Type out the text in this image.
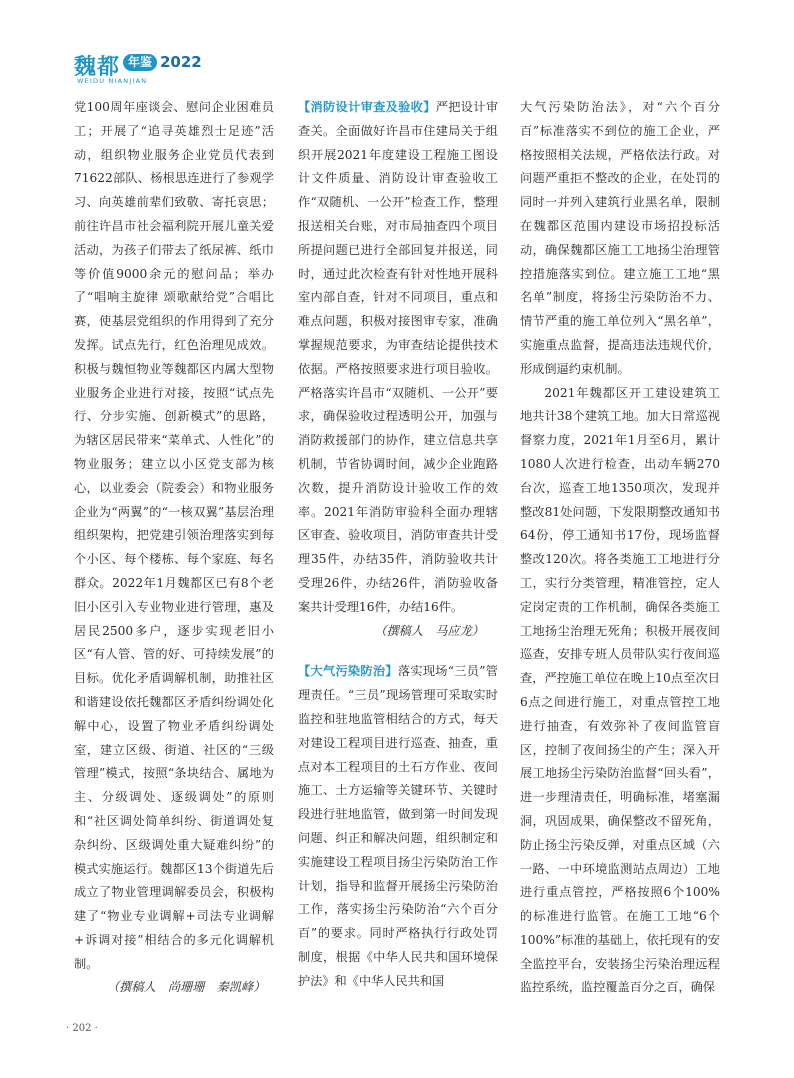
魏都 年鉴 2022
WEIDU NIANJIAN

党100周年座谈会、慰问企业困难员工；开展了“追寻英雄烈士足迹”活动，组织物业服务企业党员代表到71622部队、杨根思连进行了参观学习、向英雄前辈们致敬、寄托哀思；前往许昌市社会福利院开展儿童关爱活动，为孩子们带去了纸尿裤、纸巾等价值9000余元的慰问品；举办了“唱响主旋律 颂歌献给党”合唱比赛，使基层党组织的作用得到了充分发挥。试点先行，红色治理见成效。积极与魏恒物业等魏都区内属大型物业服务企业进行对接，按照“试点先行、分步实施、创新模式”的思路，为辖区居民带来“菜单式、人性化”的物业服务；建立以小区党支部为核心，以业委会（院委会）和物业服务企业为“两翼”的“一核双翼”基层治理组织架构，把党建引领治理落实到每个小区、每个楼栋、每个家庭、每名群众。2022年1月魏都区已有8个老旧小区引入专业物业进行管理，惠及居民2500多户，逐步实现老旧小区“有人管、管的好、可持续发展”的目标。优化矛盾调解机制，助推社区和谐建设依托魏都区矛盾纠纷调处化解中心，设置了物业矛盾纠纷调处室，建立区级、街道、社区的“三级管理”模式，按照“条块结合、属地为主、分级调处、逐级调处”的原则和“社区调处简单纠纷、街道调处复杂纠纷、区级调处重大疑难纠纷”的模式实施运行。魏都区13个街道先后成立了物业管理调解委员会，积极构建了“物业专业调解+司法专业调解+诉调对接”相结合的多元化调解机制。

（撰稿人　尚珊珊　秦凯峰）

【消防设计审查及验收】严把设计审查关。全面做好许昌市住建局关于组织开展2021年度建设工程施工图设计文件质量、消防设计审查验收工作“双随机、一公开”检查工作，整理报送相关台账，对市局抽查四个项目所提问题已进行全部回复并报送，同时，通过此次检查有针对性地开展科室内部自查，针对不同项目，重点和难点问题，积极对接图审专家，准确掌握规范要求，为审查结论提供技术依据。严格按照要求进行项目验收。严格落实许昌市“双随机、一公开”要求，确保验收过程透明公开，加强与消防救援部门的协作，建立信息共享机制，节省协调时间，减少企业跑路次数，提升消防设计验收工作的效率。2021年消防审验科全面办理辖区审查、验收项目，消防审查共计受理35件，办结35件，消防验收共计受理26件，办结26件，消防验收备案共计受理16件，办结16件。

（撰稿人　马应龙）

【大气污染防治】落实现场“三员”管理责任。“三员”现场管理可采取实时监控和驻地监管相结合的方式，每天对建设工程项目进行巡查、抽查，重点对本工程项目的土石方作业、夜间施工、土方运输等关键环节、关键时段进行驻地监管，做到第一时间发现问题、纠正和解决问题，组织制定和实施建设工程项目扬尘污染防治工作计划，指导和监督开展扬尘污染防治工作，落实扬尘污染防治“六个百分百”的要求。同时严格执行行政处罚制度，根据《中华人民共和国环境保护法》和《中华人民共和国

大气污染防治法》，对“六个百分百”标准落实不到位的施工企业，严格按照相关法规，严格依法行政。对问题严重拒不整改的企业，在处罚的同时一并列入建筑行业黑名单，限制在魏都区范围内建设市场招投标活动，确保魏都区施工工地扬尘治理管控措施落实到位。建立施工工地“黑名单”制度，将扬尘污染防治不力、情节严重的施工单位列入“黑名单”，实施重点监督，提高违法违规代价，形成倒逼约束机制。

2021年魏都区开工建设建筑工地共计38个建筑工地。加大日常巡视督察力度，2021年1月至6月，累计1080人次进行检查，出动车辆270台次，巡查工地1350项次，发现并整改81处问题，下发限期整改通知书64份，停工通知书17份，现场监督整改120次。将各类施工工地进行分工，实行分类管理，精准管控，定人定岗定责的工作机制，确保各类施工工地扬尘治理无死角；积极开展夜间巡查，安排专班人员带队实行夜间巡查，严控施工单位在晚上10点至次日6点之间进行施工，对重点管控工地进行抽查，有效弥补了夜间监管盲区，控制了夜间扬尘的产生；深入开展工地扬尘污染防治监督“回头看”，进一步理清责任，明确标准，堵塞漏洞，巩固成果，确保整改不留死角，防止扬尘污染反弹，对重点区域（六一路、一中环境监测站点周边）工地进行重点管控，严格按照6个100%的标准进行监管。在施工工地“6个100%”标准的基础上，依托现有的安全监控平台，安装扬尘污染治理远程监控系统，监控覆盖百分之百，确保

· 202 ·
